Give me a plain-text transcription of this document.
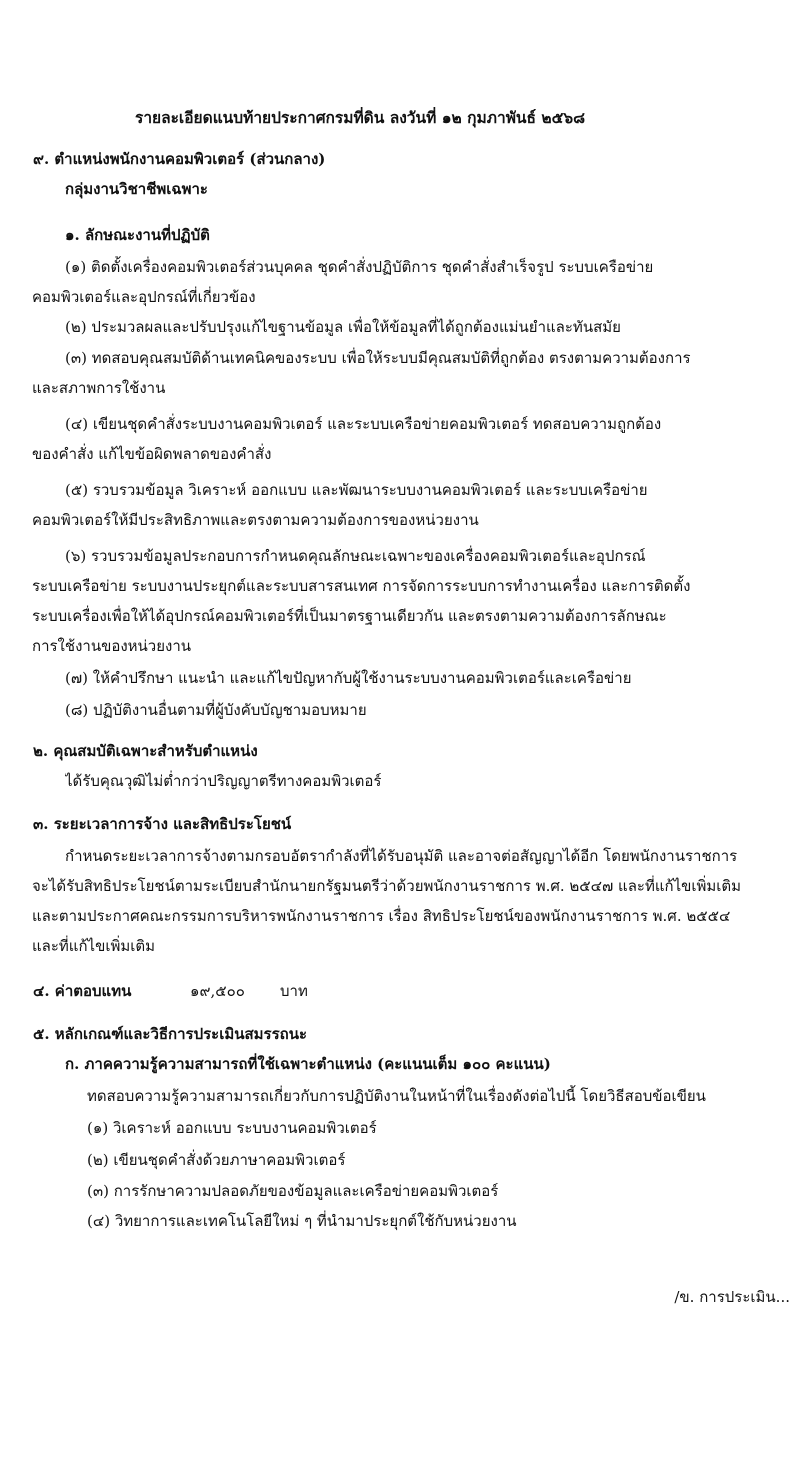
รายละเอียดแนบท้ายประกาศกรมที่ดิน ลงวันที่ ๑๒ กุมภาพันธ์ ๒๕๖๘
๙. ตำแหน่งพนักงานคอมพิวเตอร์ (ส่วนกลาง)
กลุ่มงานวิชาชีพเฉพาะ
๑. ลักษณะงานที่ปฏิบัติ
(๑) ติดตั้งเครื่องคอมพิวเตอร์ส่วนบุคคล ชุดคำสั่งปฏิบัติการ ชุดคำสั่งสำเร็จรูป ระบบเครือข่าย
คอมพิวเตอร์และอุปกรณ์ที่เกี่ยวข้อง
(๒) ประมวลผลและปรับปรุงแก้ไขฐานข้อมูล เพื่อให้ข้อมูลที่ได้ถูกต้องแม่นยำและทันสมัย
(๓) ทดสอบคุณสมบัติด้านเทคนิคของระบบ เพื่อให้ระบบมีคุณสมบัติที่ถูกต้อง ตรงตามความต้องการ
และสภาพการใช้งาน
(๔) เขียนชุดคำสั่งระบบงานคอมพิวเตอร์ และระบบเครือข่ายคอมพิวเตอร์ ทดสอบความถูกต้อง
ของคำสั่ง แก้ไขข้อผิดพลาดของคำสั่ง
(๕) รวบรวมข้อมูล วิเคราะห์ ออกแบบ และพัฒนาระบบงานคอมพิวเตอร์ และระบบเครือข่าย
คอมพิวเตอร์ให้มีประสิทธิภาพและตรงตามความต้องการของหน่วยงาน
(๖) รวบรวมข้อมูลประกอบการกำหนดคุณลักษณะเฉพาะของเครื่องคอมพิวเตอร์และอุปกรณ์
ระบบเครือข่าย ระบบงานประยุกต์และระบบสารสนเทศ การจัดการระบบการทำงานเครื่อง และการติดตั้ง
ระบบเครื่องเพื่อให้ได้อุปกรณ์คอมพิวเตอร์ที่เป็นมาตรฐานเดียวกัน และตรงตามความต้องการลักษณะ
การใช้งานของหน่วยงาน
(๗) ให้คำปรึกษา แนะนำ และแก้ไขปัญหากับผู้ใช้งานระบบงานคอมพิวเตอร์และเครือข่าย
(๘) ปฏิบัติงานอื่นตามที่ผู้บังคับบัญชามอบหมาย
๒. คุณสมบัติเฉพาะสำหรับตำแหน่ง
ได้รับคุณวุฒิไม่ต่ำกว่าปริญญาตรีทางคอมพิวเตอร์
๓. ระยะเวลาการจ้าง และสิทธิประโยชน์
กำหนดระยะเวลาการจ้างตามกรอบอัตรากำลังที่ได้รับอนุมัติ และอาจต่อสัญญาได้อีก โดยพนักงานราชการ
จะได้รับสิทธิประโยชน์ตามระเบียบสำนักนายกรัฐมนตรีว่าด้วยพนักงานราชการ พ.ศ. ๒๕๔๗ และที่แก้ไขเพิ่มเติม
และตามประกาศคณะกรรมการบริหารพนักงานราชการ เรื่อง สิทธิประโยชน์ของพนักงานราชการ พ.ศ. ๒๕๕๔
และที่แก้ไขเพิ่มเติม
๔. ค่าตอบแทน	๑๙,๕๐๐	บาท
๕. หลักเกณฑ์และวิธีการประเมินสมรรถนะ
ก. ภาคความรู้ความสามารถที่ใช้เฉพาะตำแหน่ง (คะแนนเต็ม ๑๐๐ คะแนน)
ทดสอบความรู้ความสามารถเกี่ยวกับการปฏิบัติงานในหน้าที่ในเรื่องดังต่อไปนี้ โดยวิธีสอบข้อเขียน
(๑) วิเคราะห์ ออกแบบ ระบบงานคอมพิวเตอร์
(๒) เขียนชุดคำสั่งด้วยภาษาคอมพิวเตอร์
(๓) การรักษาความปลอดภัยของข้อมูลและเครือข่ายคอมพิวเตอร์
(๔) วิทยาการและเทคโนโลยีใหม่ ๆ ที่นำมาประยุกต์ใช้กับหน่วยงาน
/ข. การประเมิน...
